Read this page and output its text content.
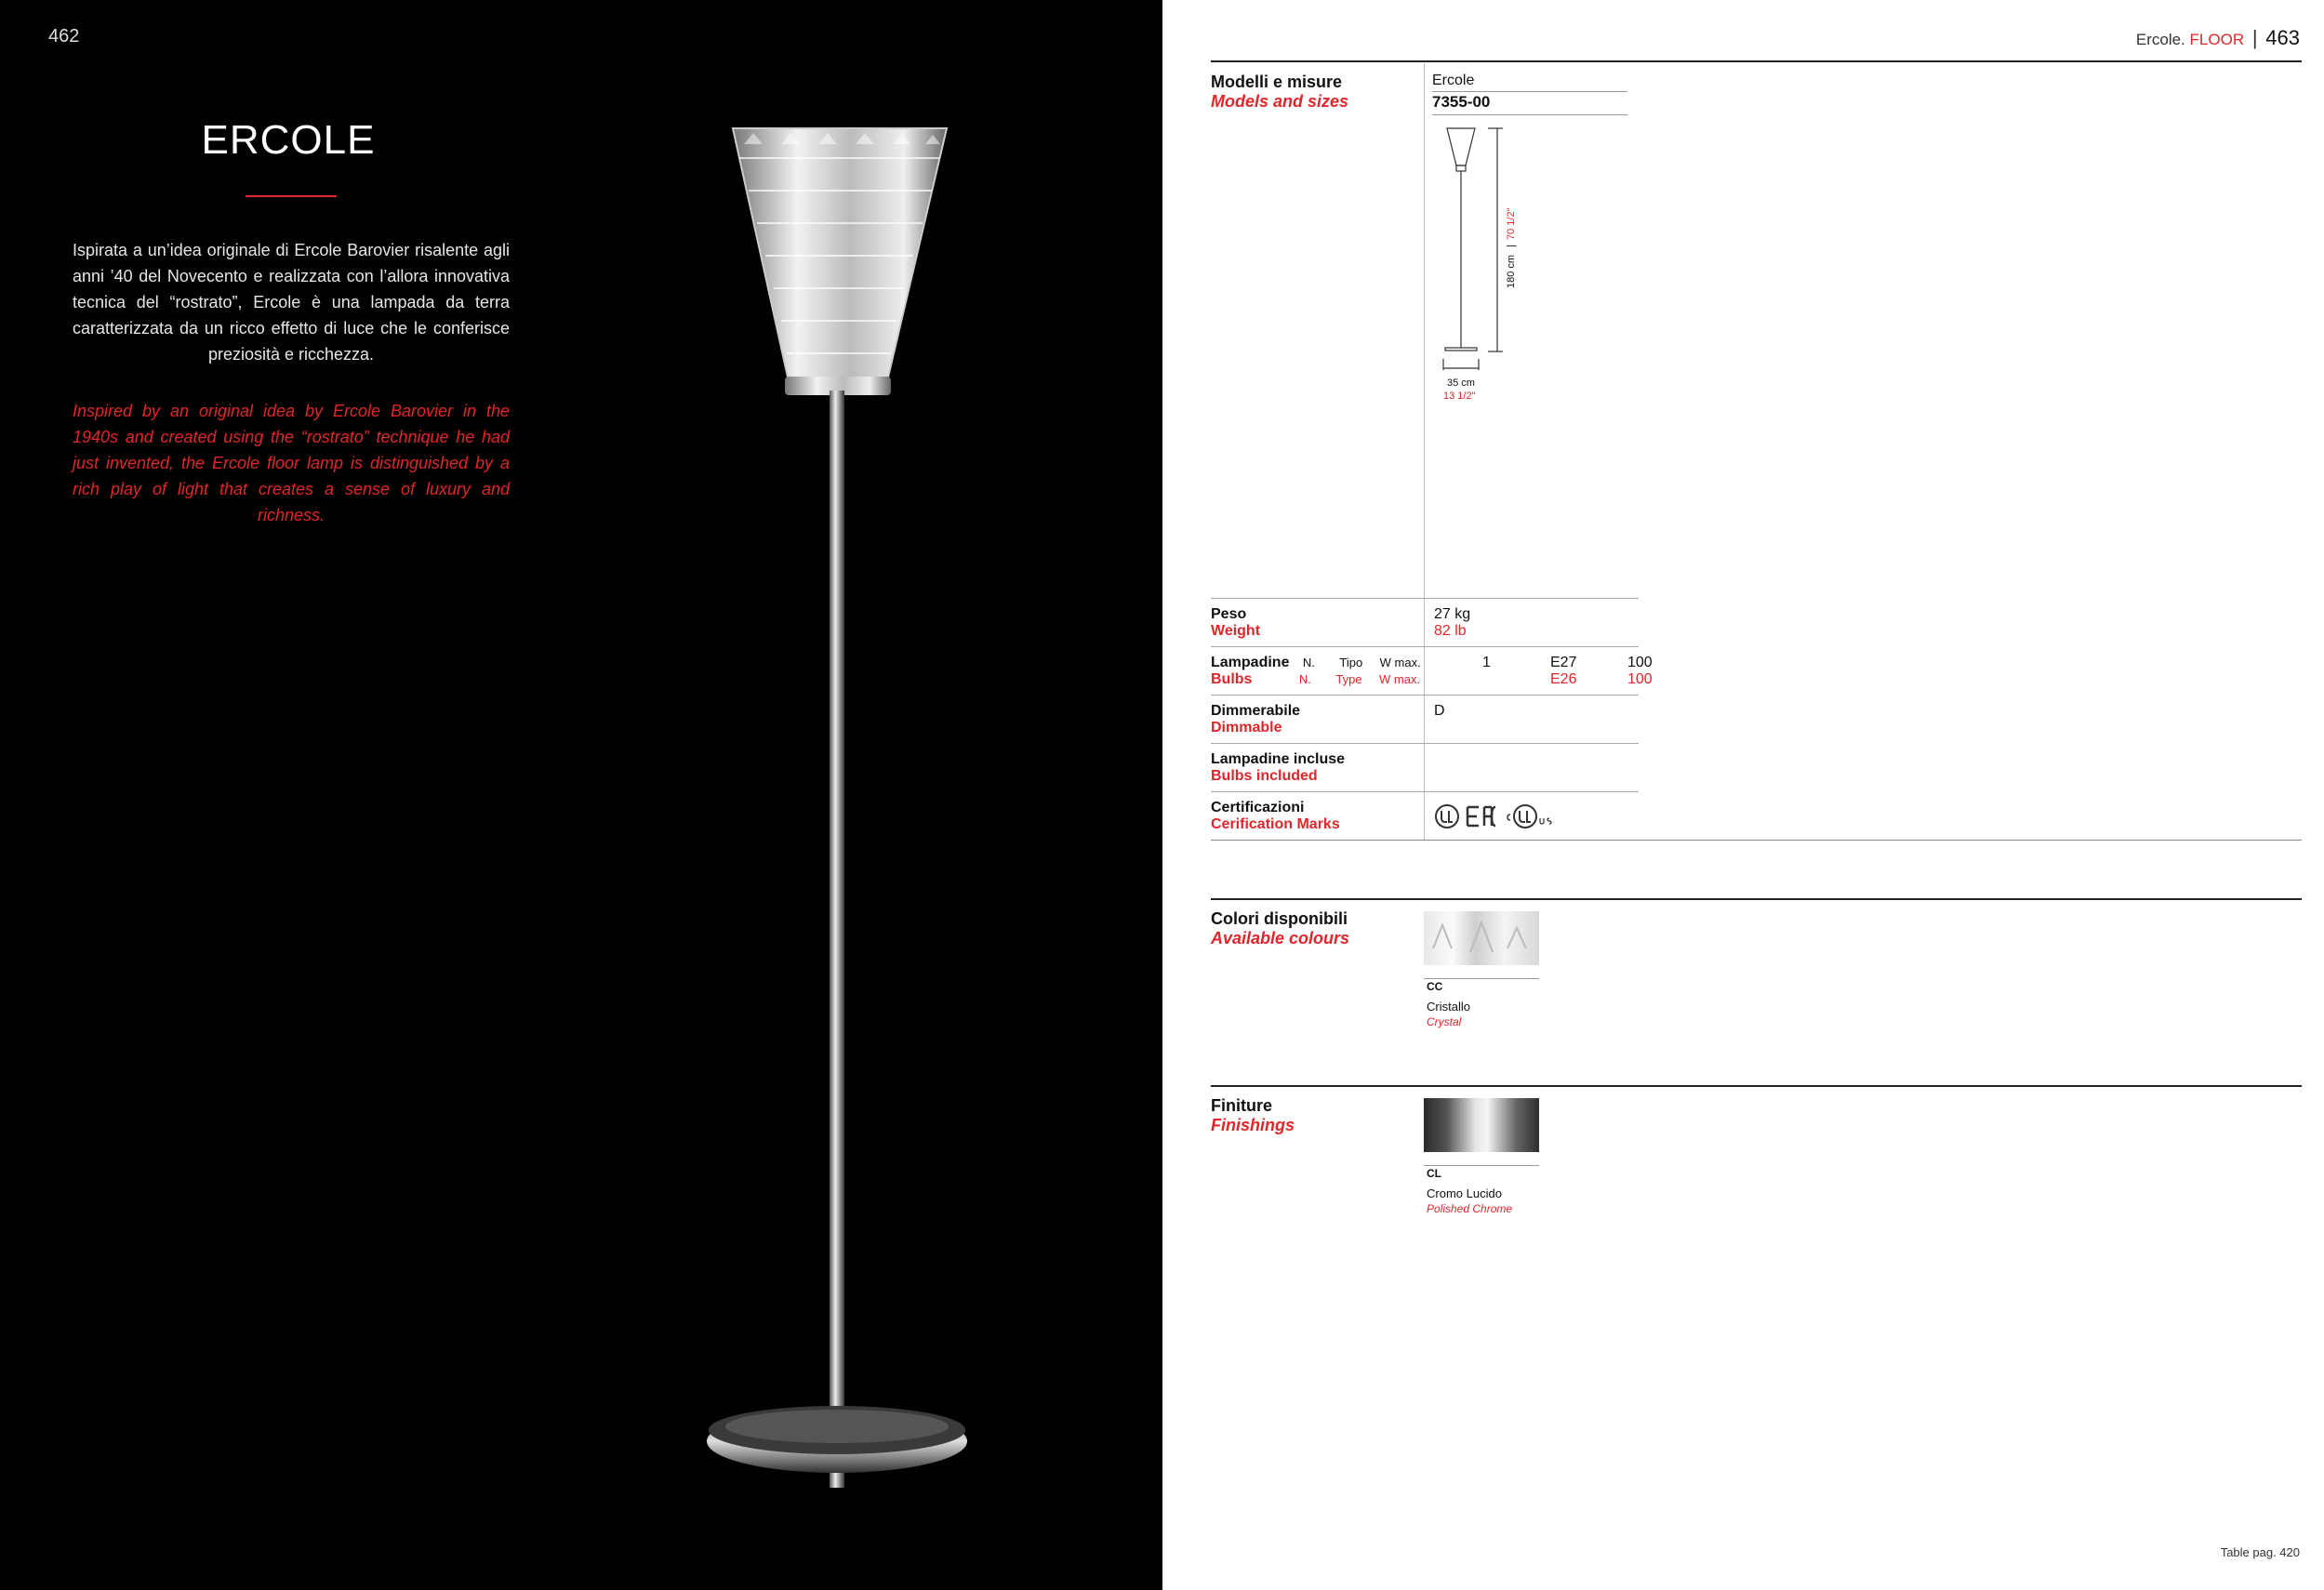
462
ERCOLE
Ispirata a un’idea originale di Ercole Barovier risalente agli anni ’40 del Novecento e realizzata con l’allora innovativa tecnica del “rostrato”, Ercole è una lampada da terra caratterizzata da un ricco effetto di luce che le conferisce preziosità e ricchezza.
Inspired by an original idea by Ercole Barovier in the 1940s and created using the “rostrato” technique he had just invented, the Ercole floor lamp is distinguished by a rich play of light that creates a sense of luxury and richness.
Ercole. FLOOR | 463
Modelli e misure
Models and sizes
Ercole
7355-00
180 cm
|
70 1/2"
35 cm
13 1/2"
Peso
Weight
27 kg
82 lb
Lampadine N. Tipo W max.
Bulbs	N. Type W max.
1	E27
E26
100
100
Dimmerabile
Dimmable
D
Lampadine incluse
Bulbs included
Certificazioni
Cerification Marks
Colori disponibili
Available colours
CC
Cristallo
Crystal
Finiture
Finishings
CL
Cromo Lucido
Polished Chrome
Table pag. 420
